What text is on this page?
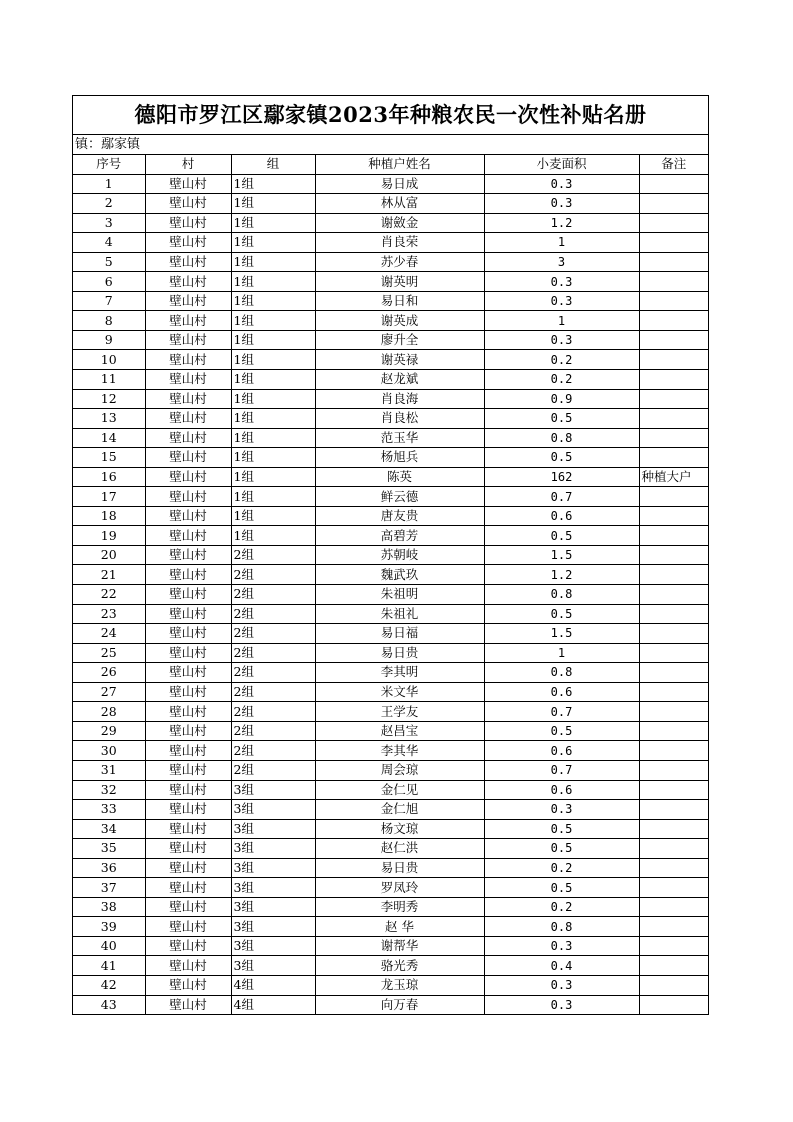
德阳市罗江区鄢家镇2023年种粮农民一次性补贴名册
镇：鄢家镇
序号	村	组	种植户姓名	小麦面积	备注
1	壁山村	1组	易日成	0.3	
2	壁山村	1组	林从富	0.3	
3	壁山村	1组	谢斂金	1.2	
4	壁山村	1组	肖良荣	1	
5	壁山村	1组	苏少春	3	
6	壁山村	1组	谢英明	0.3	
7	壁山村	1组	易日和	0.3	
8	壁山村	1组	谢英成	1	
9	壁山村	1组	廖升全	0.3	
10	壁山村	1组	谢英禄	0.2	
11	壁山村	1组	赵龙斌	0.2	
12	壁山村	1组	肖良海	0.9	
13	壁山村	1组	肖良松	0.5	
14	壁山村	1组	范玉华	0.8	
15	壁山村	1组	杨旭兵	0.5	
16	壁山村	1组	陈英	162	种植大户
17	壁山村	1组	鲜云德	0.7	
18	壁山村	1组	唐友贵	0.6	
19	壁山村	1组	高碧芳	0.5	
20	壁山村	2组	苏朝岐	1.5	
21	壁山村	2组	魏武玖	1.2	
22	壁山村	2组	朱祖明	0.8	
23	壁山村	2组	朱祖礼	0.5	
24	壁山村	2组	易日福	1.5	
25	壁山村	2组	易日贵	1	
26	壁山村	2组	李其明	0.8	
27	壁山村	2组	米文华	0.6	
28	壁山村	2组	王学友	0.7	
29	壁山村	2组	赵昌宝	0.5	
30	壁山村	2组	李其华	0.6	
31	壁山村	2组	周会琼	0.7	
32	壁山村	3组	金仁见	0.6	
33	壁山村	3组	金仁旭	0.3	
34	壁山村	3组	杨文琼	0.5	
35	壁山村	3组	赵仁洪	0.5	
36	壁山村	3组	易日贵	0.2	
37	壁山村	3组	罗凤玲	0.5	
38	壁山村	3组	李明秀	0.2	
39	壁山村	3组	赵 华	0.8	
40	壁山村	3组	谢帮华	0.3	
41	壁山村	3组	骆光秀	0.4	
42	壁山村	4组	龙玉琼	0.3	
43	壁山村	4组	向万春	0.3	
